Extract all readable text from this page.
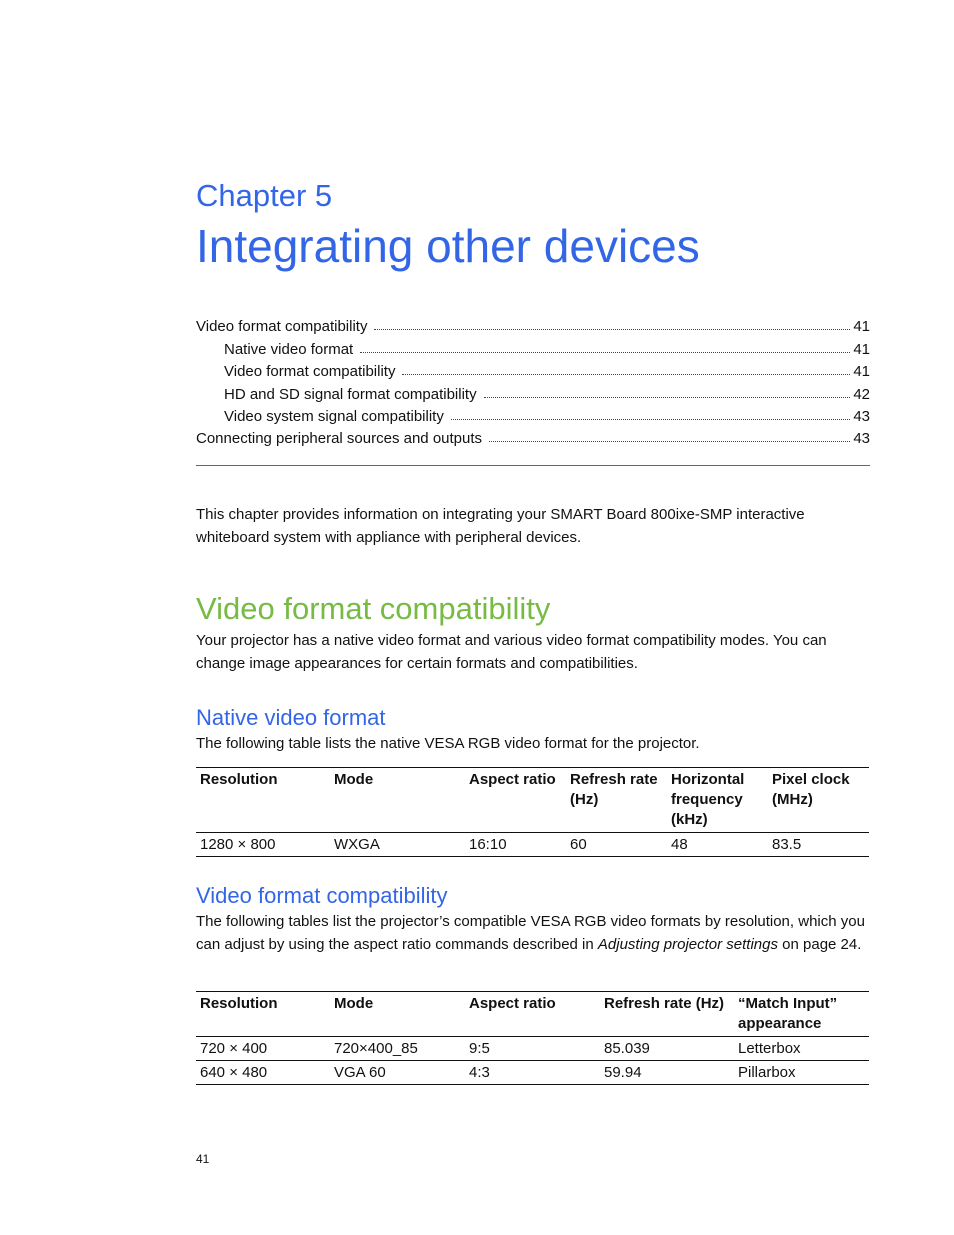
Chapter 5
Integrating other devices
Video format compatibility	41
Native video format	41
Video format compatibility	41
HD and SD signal format compatibility	42
Video system signal compatibility	43
Connecting peripheral sources and outputs	43

This chapter provides information on integrating your SMART Board 800ixe-SMP interactive whiteboard system with appliance with peripheral devices.

Video format compatibility

Your projector has a native video format and various video format compatibility modes. You can change image appearances for certain formats and compatibilities.

Native video format

The following table lists the native VESA RGB video format for the projector.

Resolution	Mode	Aspect ratio	Refresh rate (Hz)	Horizontal frequency (kHz)	Pixel clock (MHz)
1280 × 800	WXGA	16:10	60	48	83.5
Video format compatibility

The following tables list the projector’s compatible VESA RGB video formats by resolution, which you can adjust by using the aspect ratio commands described in Adjusting projector settings on page 24.

Resolution	Mode	Aspect ratio	Refresh rate (Hz)	“Match Input” appearance
720 × 400	720×400_85	9:5	85.039	Letterbox
640 × 480	VGA 60	4:3	59.94	Pillarbox
41
